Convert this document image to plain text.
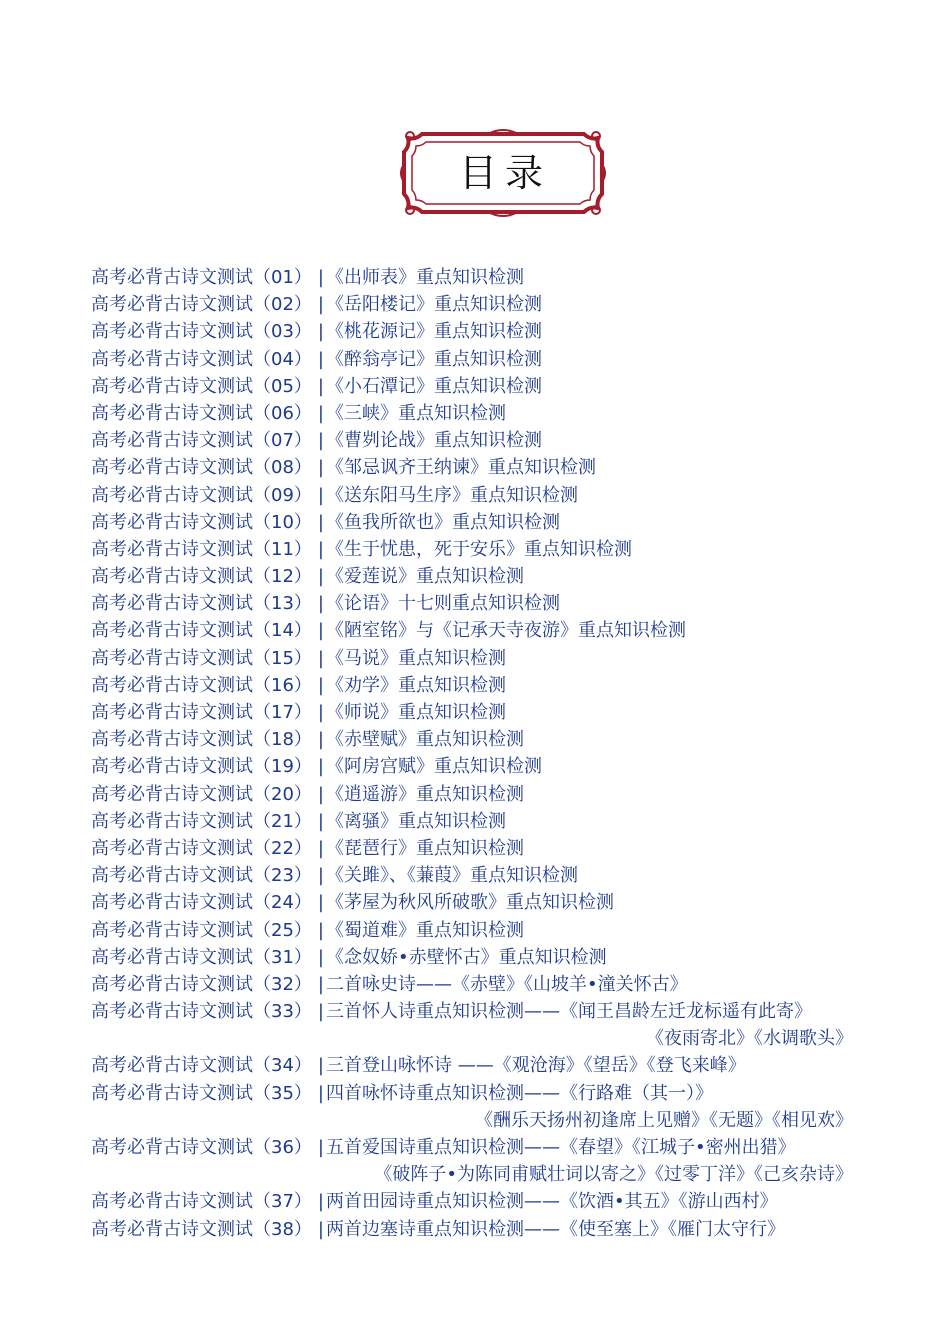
目录
高考必背古诗文测试（01） | 《出师表》重点知识检测
高考必背古诗文测试（02） | 《岳阳楼记》重点知识检测
高考必背古诗文测试（03） | 《桃花源记》重点知识检测
高考必背古诗文测试（04） | 《醉翁亭记》重点知识检测
高考必背古诗文测试（05） | 《小石潭记》重点知识检测
高考必背古诗文测试（06） | 《三峡》重点知识检测
高考必背古诗文测试（07） | 《曹刿论战》重点知识检测
高考必背古诗文测试（08） | 《邹忌讽齐王纳谏》重点知识检测
高考必背古诗文测试（09） | 《送东阳马生序》重点知识检测
高考必背古诗文测试（10） | 《鱼我所欲也》重点知识检测
高考必背古诗文测试（11） | 《生于忧患，死于安乐》重点知识检测
高考必背古诗文测试（12） | 《爱莲说》重点知识检测
高考必背古诗文测试（13） | 《论语》十七则重点知识检测
高考必背古诗文测试（14） | 《陋室铭》与《记承天寺夜游》重点知识检测
高考必背古诗文测试（15） | 《马说》重点知识检测
高考必背古诗文测试（16） | 《劝学》重点知识检测
高考必背古诗文测试（17） | 《师说》重点知识检测
高考必背古诗文测试（18） | 《赤壁赋》重点知识检测
高考必背古诗文测试（19） | 《阿房宫赋》重点知识检测
高考必背古诗文测试（20） | 《逍遥游》重点知识检测
高考必背古诗文测试（21） | 《离骚》重点知识检测
高考必背古诗文测试（22） | 《琵琶行》重点知识检测
高考必背古诗文测试（23） | 《关雎》、《蒹葭》重点知识检测
高考必背古诗文测试（24） | 《茅屋为秋风所破歌》重点知识检测
高考必背古诗文测试（25） | 《蜀道难》重点知识检测
高考必背古诗文测试（31） | 《念奴娇•赤壁怀古》重点知识检测
高考必背古诗文测试（32） | 二首咏史诗——《赤壁》《山坡羊•潼关怀古》
高考必背古诗文测试（33） | 三首怀人诗重点知识检测——《闻王昌龄左迁龙标遥有此寄》
《夜雨寄北》《水调歌头》
高考必背古诗文测试（34） | 三首登山咏怀诗 ——《观沧海》《望岳》《登飞来峰》
高考必背古诗文测试（35） | 四首咏怀诗重点知识检测——《行路难（其一）》
《酬乐天扬州初逢席上见赠》《无题》《相见欢》
高考必背古诗文测试（36） | 五首爱国诗重点知识检测——《春望》《江城子•密州出猎》
《破阵子•为陈同甫赋壮词以寄之》《过零丁洋》《己亥杂诗》
高考必背古诗文测试（37） | 两首田园诗重点知识检测——《饮酒•其五》《游山西村》
高考必背古诗文测试（38） | 两首边塞诗重点知识检测——《使至塞上》《雁门太守行》
